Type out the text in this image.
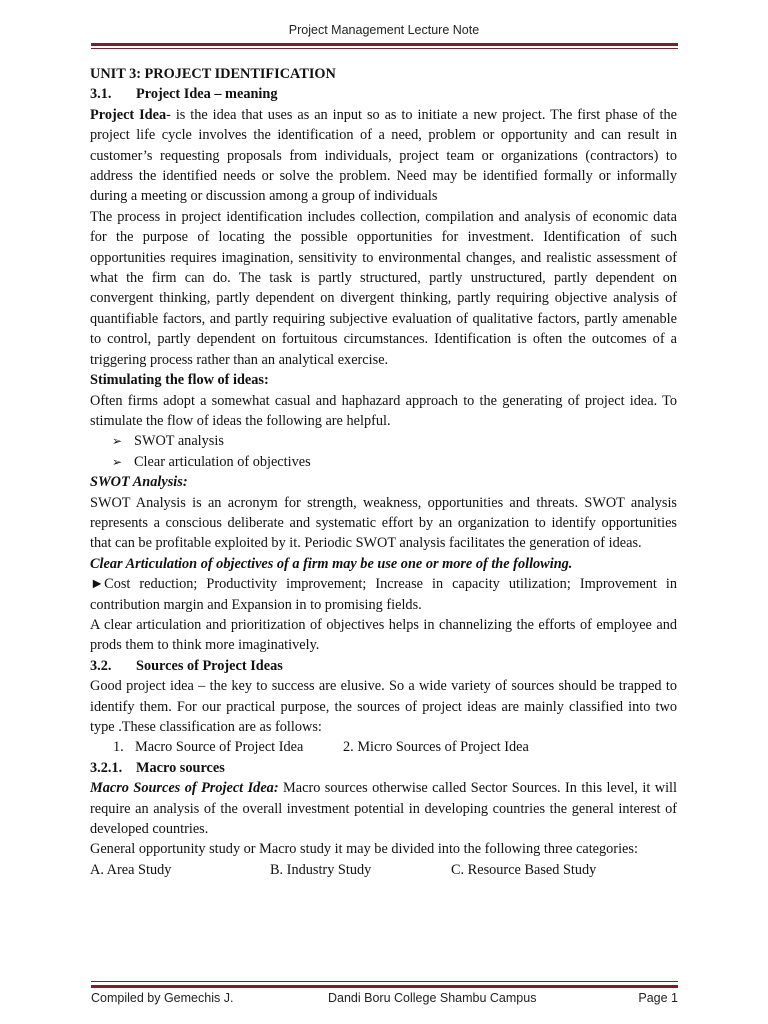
Project Management Lecture Note

UNIT 3: PROJECT IDENTIFICATION

3.1. Project Idea – meaning

Project Idea- is the idea that uses as an input so as to initiate a new project. The first phase of the project life cycle involves the identification of a need, problem or opportunity and can result in customer’s requesting proposals from individuals, project team or organizations (contractors) to address the identified needs or solve the problem. Need may be identified formally or informally during a meeting or discussion among a group of individuals

The process in project identification includes collection, compilation and analysis of economic data for the purpose of locating the possible opportunities for investment. Identification of such opportunities requires imagination, sensitivity to environmental changes, and realistic assessment of what the firm can do. The task is partly structured, partly unstructured, partly dependent on convergent thinking, partly dependent on divergent thinking, partly requiring objective analysis of quantifiable factors, and partly requiring subjective evaluation of qualitative factors, partly amenable to control, partly dependent on fortuitous circumstances. Identification is often the outcomes of a triggering process rather than an analytical exercise.

Stimulating the flow of ideas:

Often firms adopt a somewhat casual and haphazard approach to the generating of project idea. To stimulate the flow of ideas the following are helpful.

➢ SWOT analysis
➢ Clear articulation of objectives

SWOT Analysis:

SWOT Analysis is an acronym for strength, weakness, opportunities and threats. SWOT analysis represents a conscious deliberate and systematic effort by an organization to identify opportunities that can be profitable exploited by it. Periodic SWOT analysis facilitates the generation of ideas.

Clear Articulation of objectives of a firm may be use one or more of the following.

►Cost reduction; Productivity improvement; Increase in capacity utilization; Improvement in contribution margin and Expansion in to promising fields.

A clear articulation and prioritization of objectives helps in channelizing the efforts of employee and prods them to think more imaginatively.

3.2. Sources of Project Ideas

Good project idea – the key to success are elusive. So a wide variety of sources should be trapped to identify them. For our practical purpose, the sources of project ideas are mainly classified into two type .These classification are as follows:

1. Macro Source of Project Idea	2. Micro Sources of Project Idea

3.2.1. Macro sources

Macro Sources of Project Idea: Macro sources otherwise called Sector Sources. In this level, it will require an analysis of the overall investment potential in developing countries the general interest of developed countries.

General opportunity study or Macro study it may be divided into the following three categories:

A. Area Study	B. Industry Study	C. Resource Based Study
Compiled by Gemechis J.	Dandi Boru College Shambu Campus	Page 1
